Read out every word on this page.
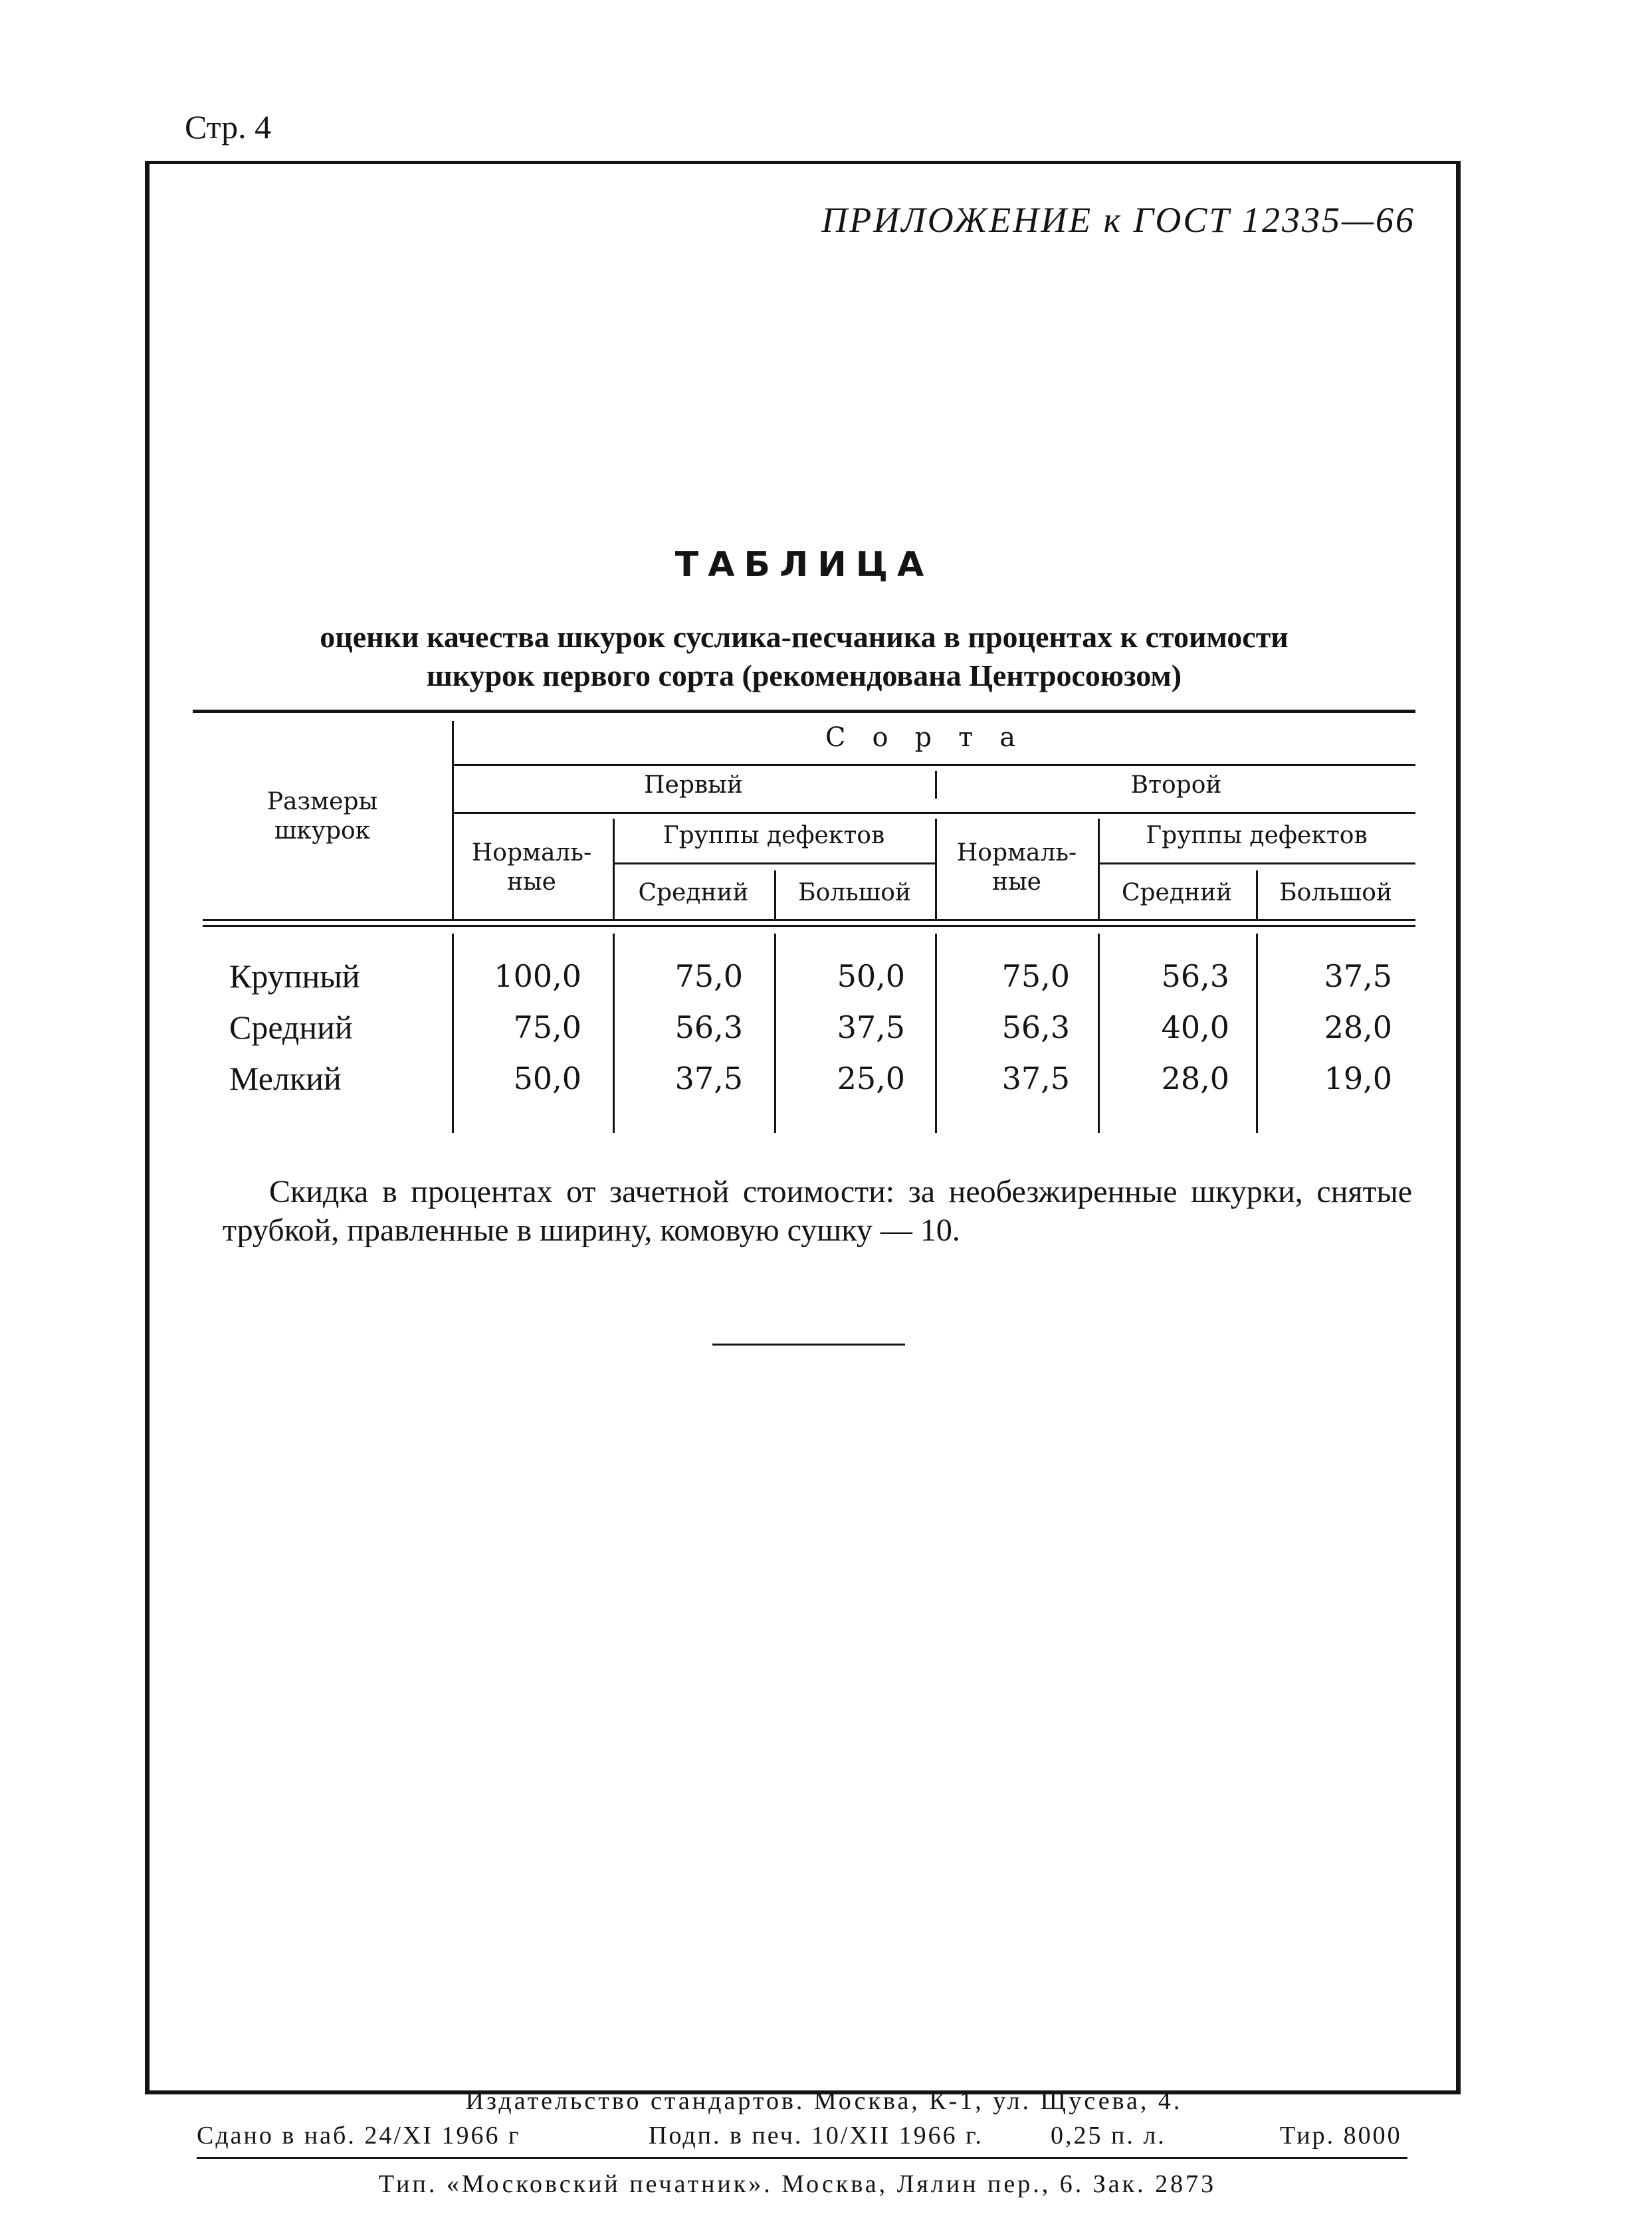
Стр. 4
ПРИЛОЖЕНИЕ к ГОСТ 12335—66
ТАБЛИЦА
оценки качества шкурок суслика-песчаника в процентах к стоимости
шкурок первого сорта (рекомендована Центросоюзом)
Размеры шкурок
Сорта
Первый	Второй
Нормаль-ные
Группы дефектов
Средний	Большой
Нормаль-ные
Группы дефектов
Средний	Большой
Крупный	100,0	75,0	50,0	75,0	56,3	37,5
Средний	75,0	56,3	37,5	56,3	40,0	28,0
Мелкий	50,0	37,5	25,0	37,5	28,0	19,0
Скидка в процентах от зачетной стоимости: за необезжиренные шкурки, снятые трубкой, правленные в ширину, комовую сушку — 10.
Издательство стандартов. Москва, К-1, ул. Щусева, 4.
Сдано в наб. 24/XI 1966 г	Подп. в печ. 10/XII 1966 г.	0,25 п. л.	Тир. 8000
Тип. «Московский печатник». Москва, Лялин пер., 6. Зак. 2873
